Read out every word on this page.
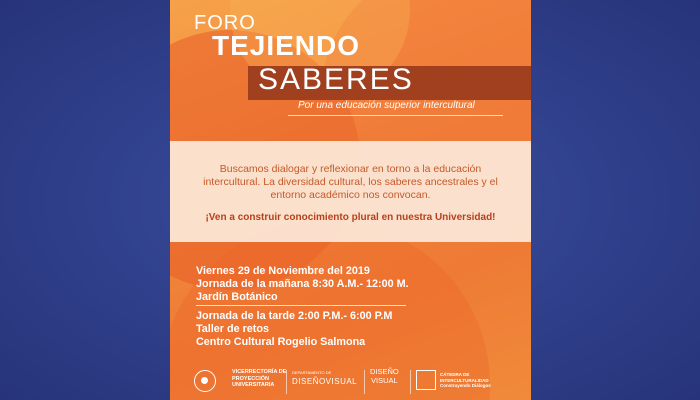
FORO
TEJIENDO
SABERES
Por una educación superior intercultural
Buscamos dialogar y reflexionar en torno a la educación intercultural. La diversidad cultural, los saberes ancestrales y el entorno académico nos convocan.
¡Ven a construir conocimiento plural en nuestra Universidad!
Viernes 29 de Noviembre del 2019
Jornada de la mañana 8:30 A.M.- 12:00 M.
Jardín Botánico
Jornada de la tarde 2:00 P.M.- 6:00 P.M
Taller de retos
Centro Cultural Rogelio Salmona
VICERRECTORÍA DE
PROYECCIÓN
UNIVERSITARIA
DEPARTAMENTO DE
DISEÑOVISUAL
DISEÑO
VISUAL
CÁTEDRA DE
INTERCULTURALIDAD
Construyendo Diálogos
